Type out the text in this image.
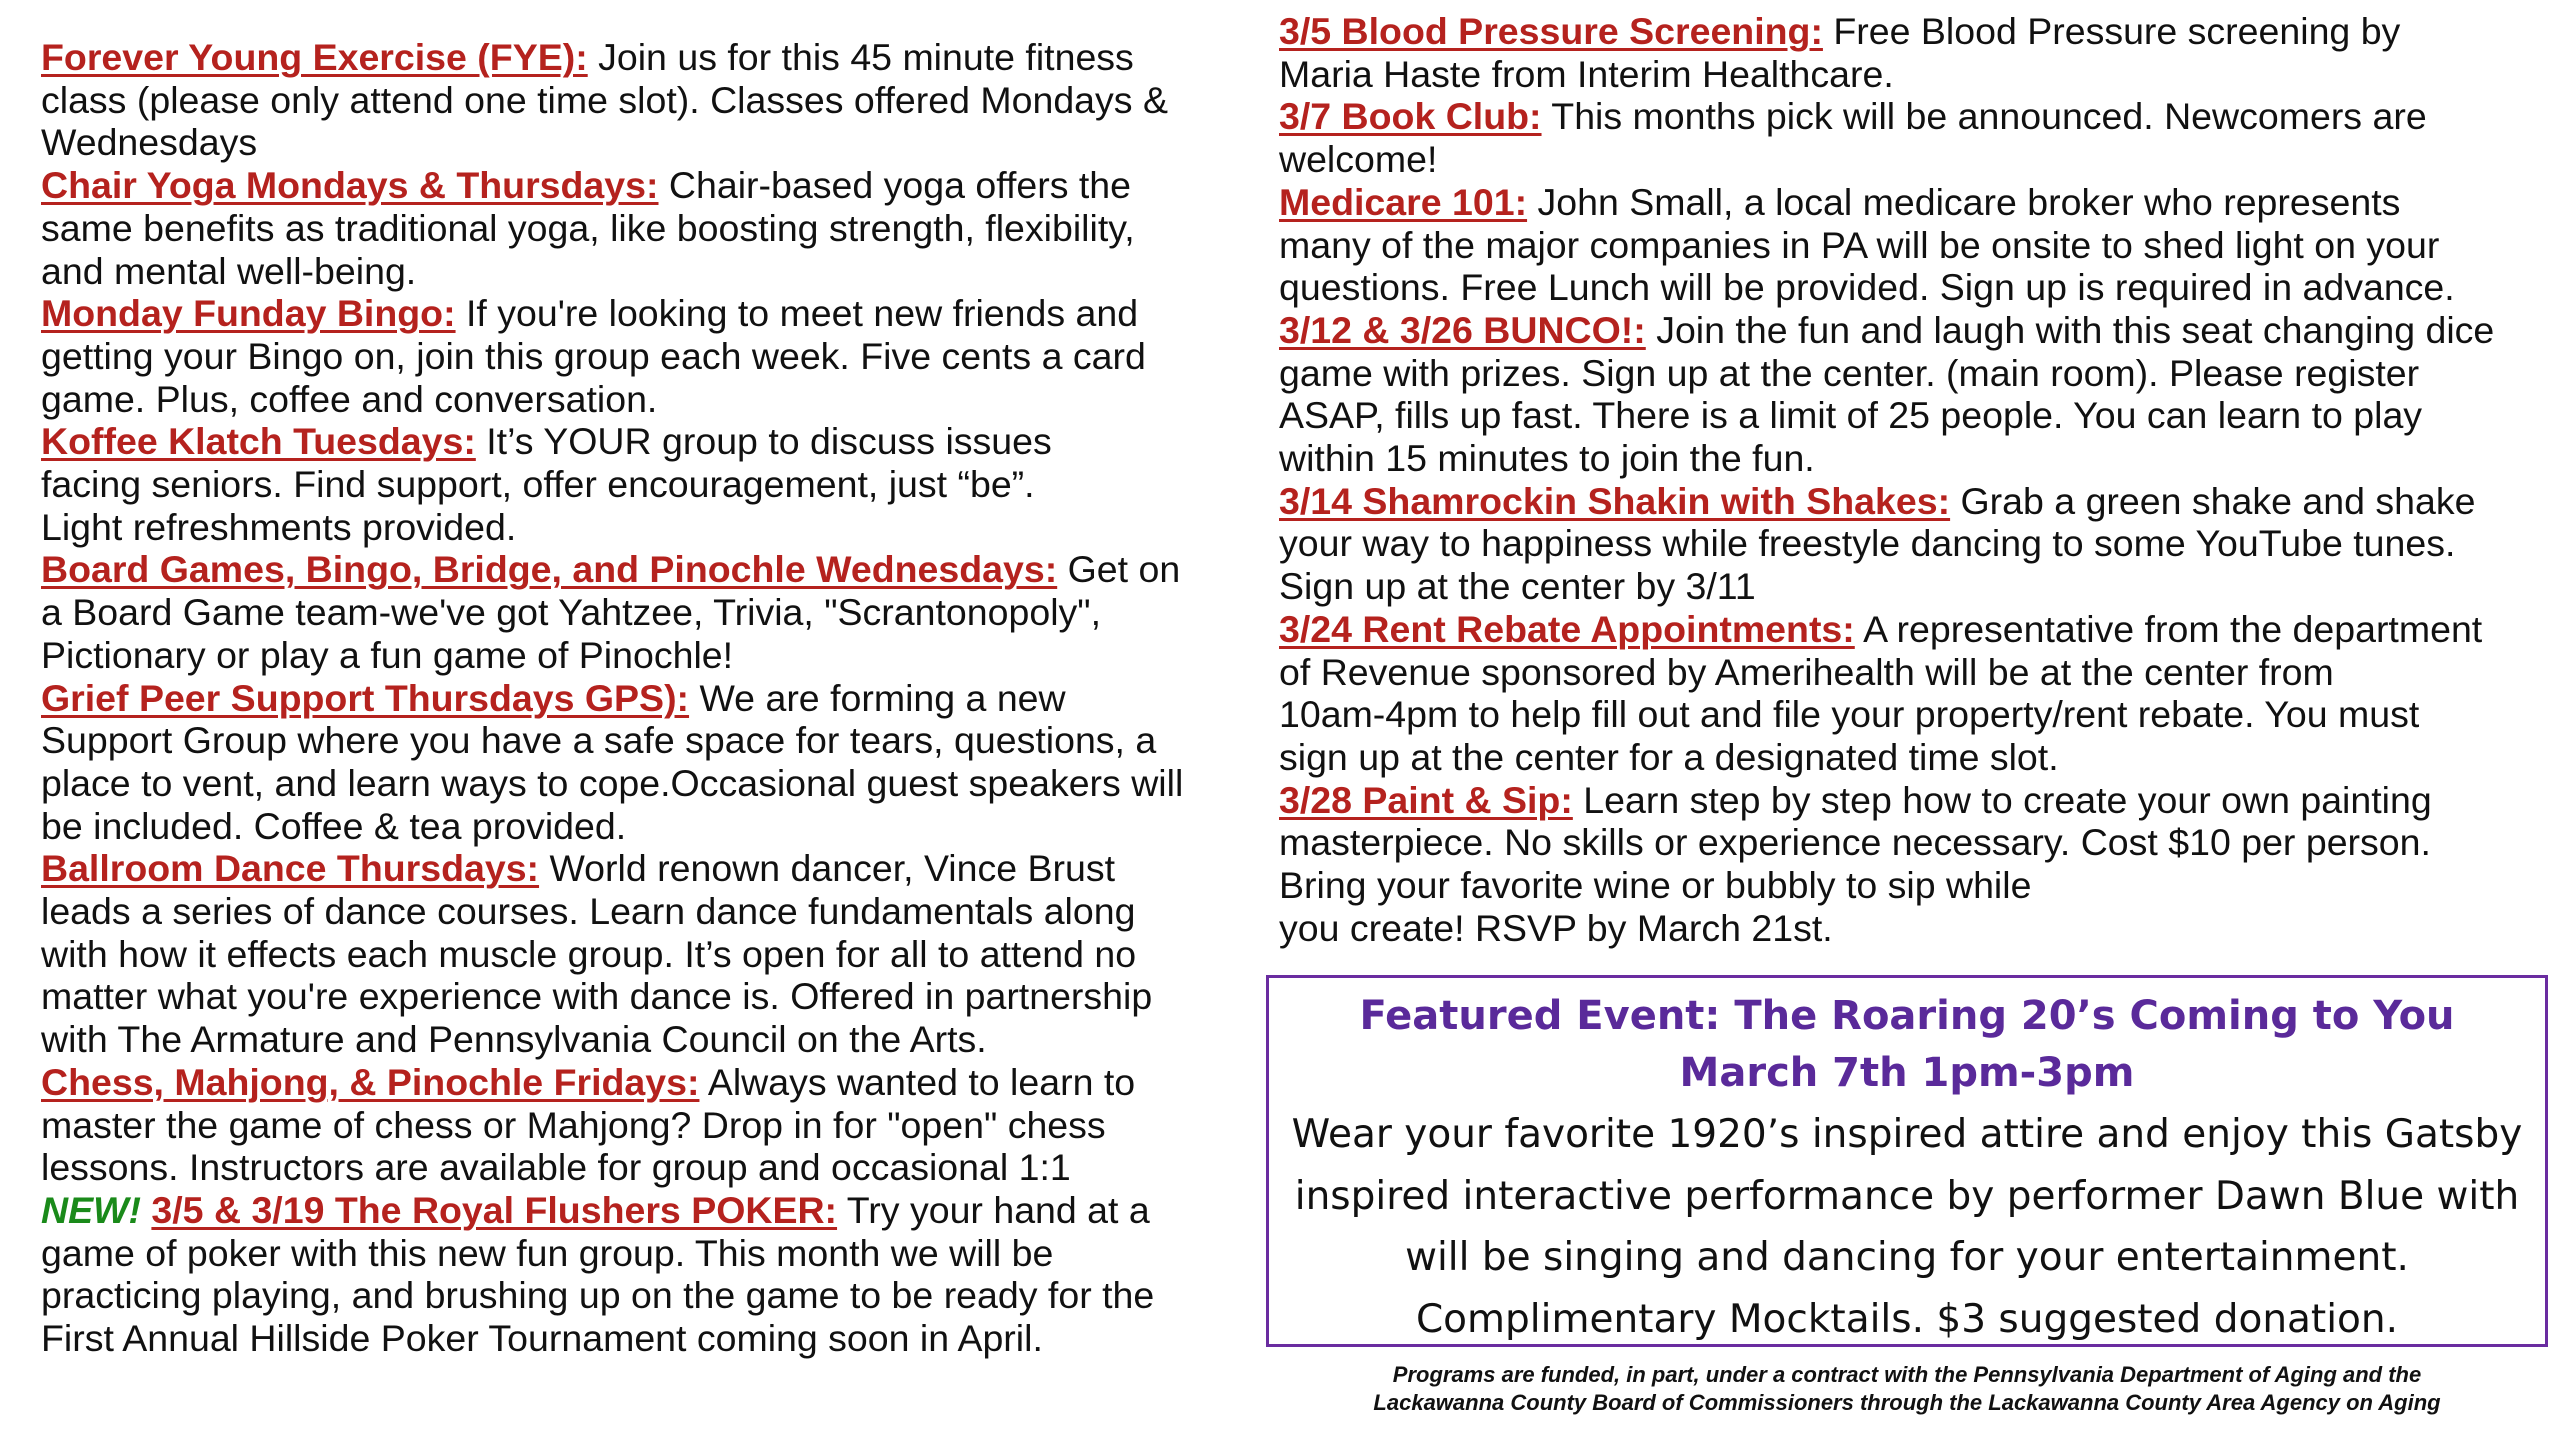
Forever Young Exercise (FYE): Join us for this 45 minute fitness
class (please only attend one time slot). Classes offered Mondays &
Wednesdays
Chair Yoga Mondays & Thursdays: Chair-based yoga offers the
same benefits as traditional yoga, like boosting strength, flexibility,
and mental well-being.
Monday Funday Bingo: If you're looking to meet new friends and
getting your Bingo on, join this group each week. Five cents a card
game. Plus, coffee and conversation.
Koffee Klatch Tuesdays: It’s YOUR group to discuss issues
facing seniors. Find support, offer encouragement, just “be”.
Light refreshments provided.
Board Games, Bingo, Bridge, and Pinochle Wednesdays: Get on
a Board Game team-we've got Yahtzee, Trivia, "Scrantonopoly",
Pictionary or play a fun game of Pinochle!
Grief Peer Support Thursdays GPS): We are forming a new
Support Group where you have a safe space for tears, questions, a
place to vent, and learn ways to cope.Occasional guest speakers will
be included. Coffee & tea provided.
Ballroom Dance Thursdays: World renown dancer, Vince Brust
leads a series of dance courses. Learn dance fundamentals along
with how it effects each muscle group. It’s open for all to attend no
matter what you're experience with dance is. Offered in partnership
with The Armature and Pennsylvania Council on the Arts.
Chess, Mahjong, & Pinochle Fridays: Always wanted to learn to
master the game of chess or Mahjong? Drop in for "open" chess
lessons. Instructors are available for group and occasional 1:1
NEW! 3/5 & 3/19 The Royal Flushers POKER: Try your hand at a
game of poker with this new fun group. This month we will be
practicing playing, and brushing up on the game to be ready for the
First Annual Hillside Poker Tournament coming soon in April.
3/5 Blood Pressure Screening: Free Blood Pressure screening by
Maria Haste from Interim Healthcare.
3/7 Book Club: This months pick will be announced. Newcomers are
welcome!
Medicare 101: John Small, a local medicare broker who represents
many of the major companies in PA will be onsite to shed light on your
questions. Free Lunch will be provided. Sign up is required in advance.
3/12 & 3/26 BUNCO!: Join the fun and laugh with this seat changing dice
game with prizes. Sign up at the center. (main room). Please register
ASAP, fills up fast. There is a limit of 25 people. You can learn to play
within 15 minutes to join the fun.
3/14 Shamrockin Shakin with Shakes: Grab a green shake and shake
your way to happiness while freestyle dancing to some YouTube tunes.
Sign up at the center by 3/11
3/24 Rent Rebate Appointments: A representative from the department
of Revenue sponsored by Amerihealth will be at the center from
10am-4pm to help fill out and file your property/rent rebate. You must
sign up at the center for a designated time slot.
3/28 Paint & Sip: Learn step by step how to create your own painting
masterpiece. No skills or experience necessary. Cost $10 per person.
Bring your favorite wine or bubbly to sip while
you create! RSVP by March 21st.
Featured Event: The Roaring 20’s Coming to You
March 7th 1pm-3pm
Wear your favorite 1920’s inspired attire and enjoy this Gatsby
inspired interactive performance by performer Dawn Blue with
will be singing and dancing for your entertainment.
Complimentary Mocktails. $3 suggested donation.
Programs are funded, in part, under a contract with the Pennsylvania Department of Aging and the
Lackawanna County Board of Commissioners through the Lackawanna County Area Agency on Aging
